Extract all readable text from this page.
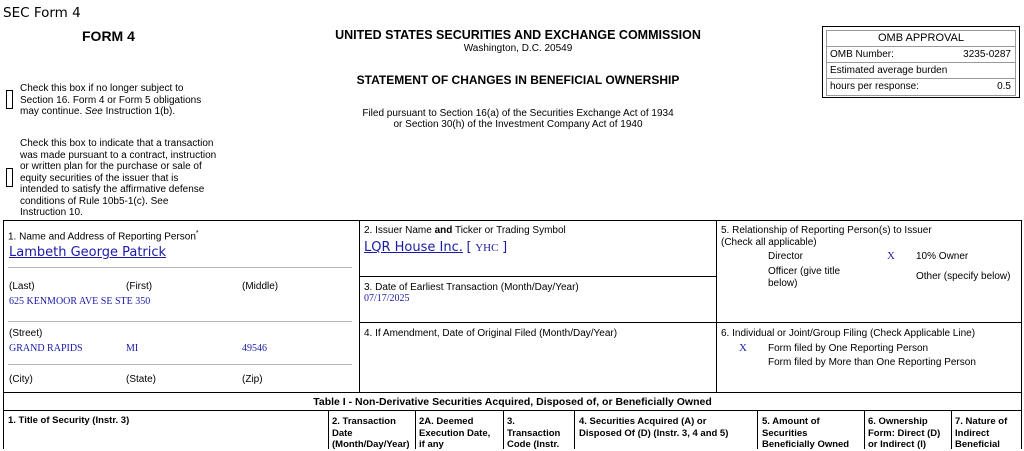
SEC Form 4
FORM 4	UNITED STATES SECURITIES AND EXCHANGE COMMISSION
Washington, D.C. 20549
STATEMENT OF CHANGES IN BENEFICIAL OWNERSHIP
Filed pursuant to Section 16(a) of the Securities Exchange Act of 1934
or Section 30(h) of the Investment Company Act of 1940
OMB APPROVAL
OMB Number:	3235-0287
Estimated average burden
hours per response:	0.5
Check this box if no longer subject to
Section 16. Form 4 or Form 5 obligations
may continue. See Instruction 1(b).
Check this box to indicate that a transaction
was made pursuant to a contract, instruction
or written plan for the purchase or sale of
equity securities of the issuer that is
intended to satisfy the affirmative defense
conditions of Rule 10b5-1(c). See
Instruction 10.
1. Name and Address of Reporting Person*
Lambeth George Patrick
(Last)	(First)	(Middle)
625 KENMOOR AVE SE STE 350
(Street)
GRAND RAPIDS	MI	49546
(City)	(State)	(Zip)
2. Issuer Name and Ticker or Trading Symbol
LQR House Inc. [ YHC ]
3. Date of Earliest Transaction (Month/Day/Year)
07/17/2025
4. If Amendment, Date of Original Filed (Month/Day/Year)
5. Relationship of Reporting Person(s) to Issuer
(Check all applicable)
Director	X 10% Owner
Officer (give title
below)
Other (specify below)
6. Individual or Joint/Group Filing (Check Applicable Line)
X Form filed by One Reporting Person
Form filed by More than One Reporting Person
Table I - Non-Derivative Securities Acquired, Disposed of, or Beneficially Owned
1. Title of Security (Instr. 3)	2. Transaction
Date
(Month/Day/Year)
2A. Deemed
Execution Date,
if any
3.
Transaction
Code (Instr.
4. Securities Acquired (A) or
Disposed Of (D) (Instr. 3, 4 and 5)
5. Amount of
Securities
Beneficially Owned
6. Ownership
Form: Direct (D)
or Indirect (I)
7. Nature of
Indirect
Beneficial
